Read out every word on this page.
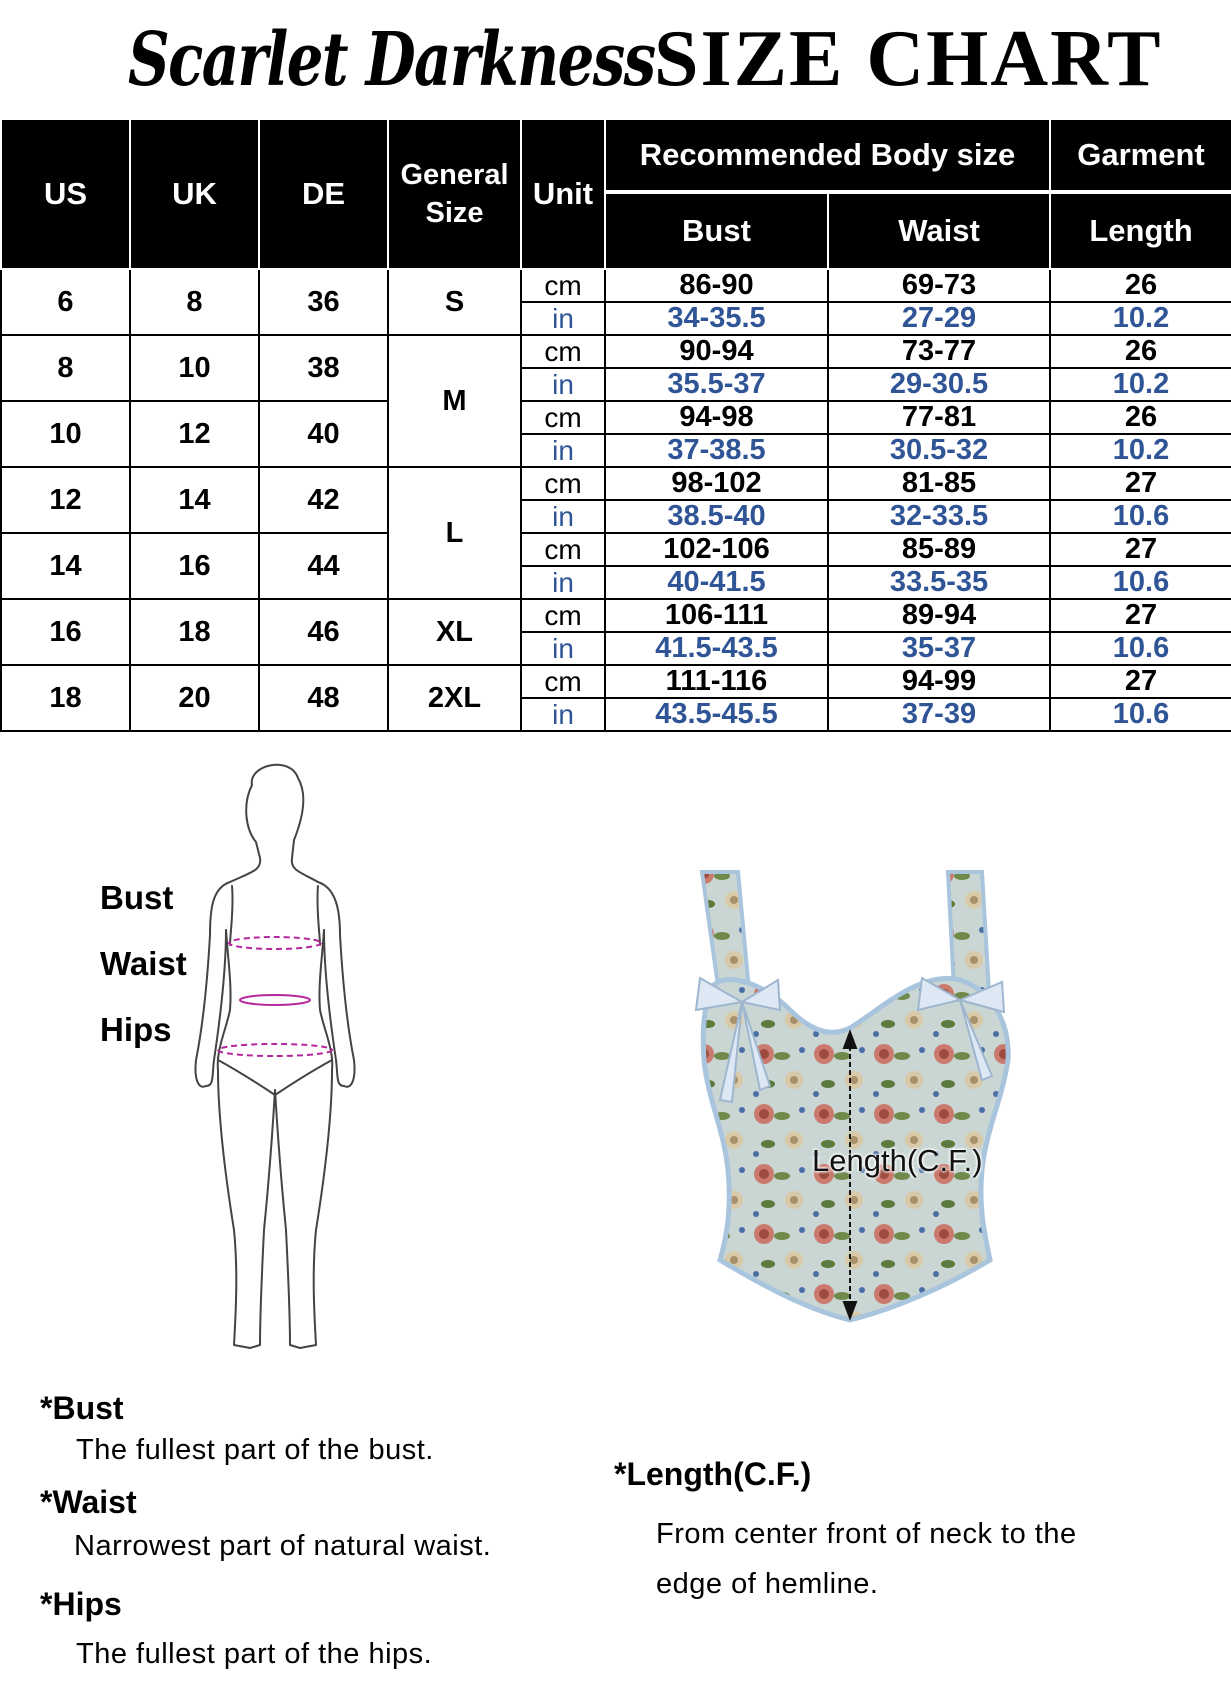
Scarlet Darkness SIZE CHART
US	UK	DE	General Size	Unit	Recommended Body size		Garment
					Bust	Waist	Length
6	8	36	S	cm	86-90	69-73	26
				in	34-35.5	27-29	10.2
8	10	38	M	cm	90-94	73-77	26
				in	35.5-37	29-30.5	10.2
10	12	40		cm	94-98	77-81	26
				in	37-38.5	30.5-32	10.2
12	14	42	L	cm	98-102	81-85	27
				in	38.5-40	32-33.5	10.6
14	16	44		cm	102-106	85-89	27
				in	40-41.5	33.5-35	10.6
16	18	46	XL	cm	106-111	89-94	27
				in	41.5-43.5	35-37	10.6
18	20	48	2XL	cm	111-116	94-99	27
				in	43.5-45.5	37-39	10.6
Bust
Waist
Hips
Length(C.F.)
*Bust
The fullest part of the bust.
*Waist
Narrowest part of natural waist.
*Hips
The fullest part of the hips.
*Length(C.F.)
From center front of neck to the
edge of hemline.
